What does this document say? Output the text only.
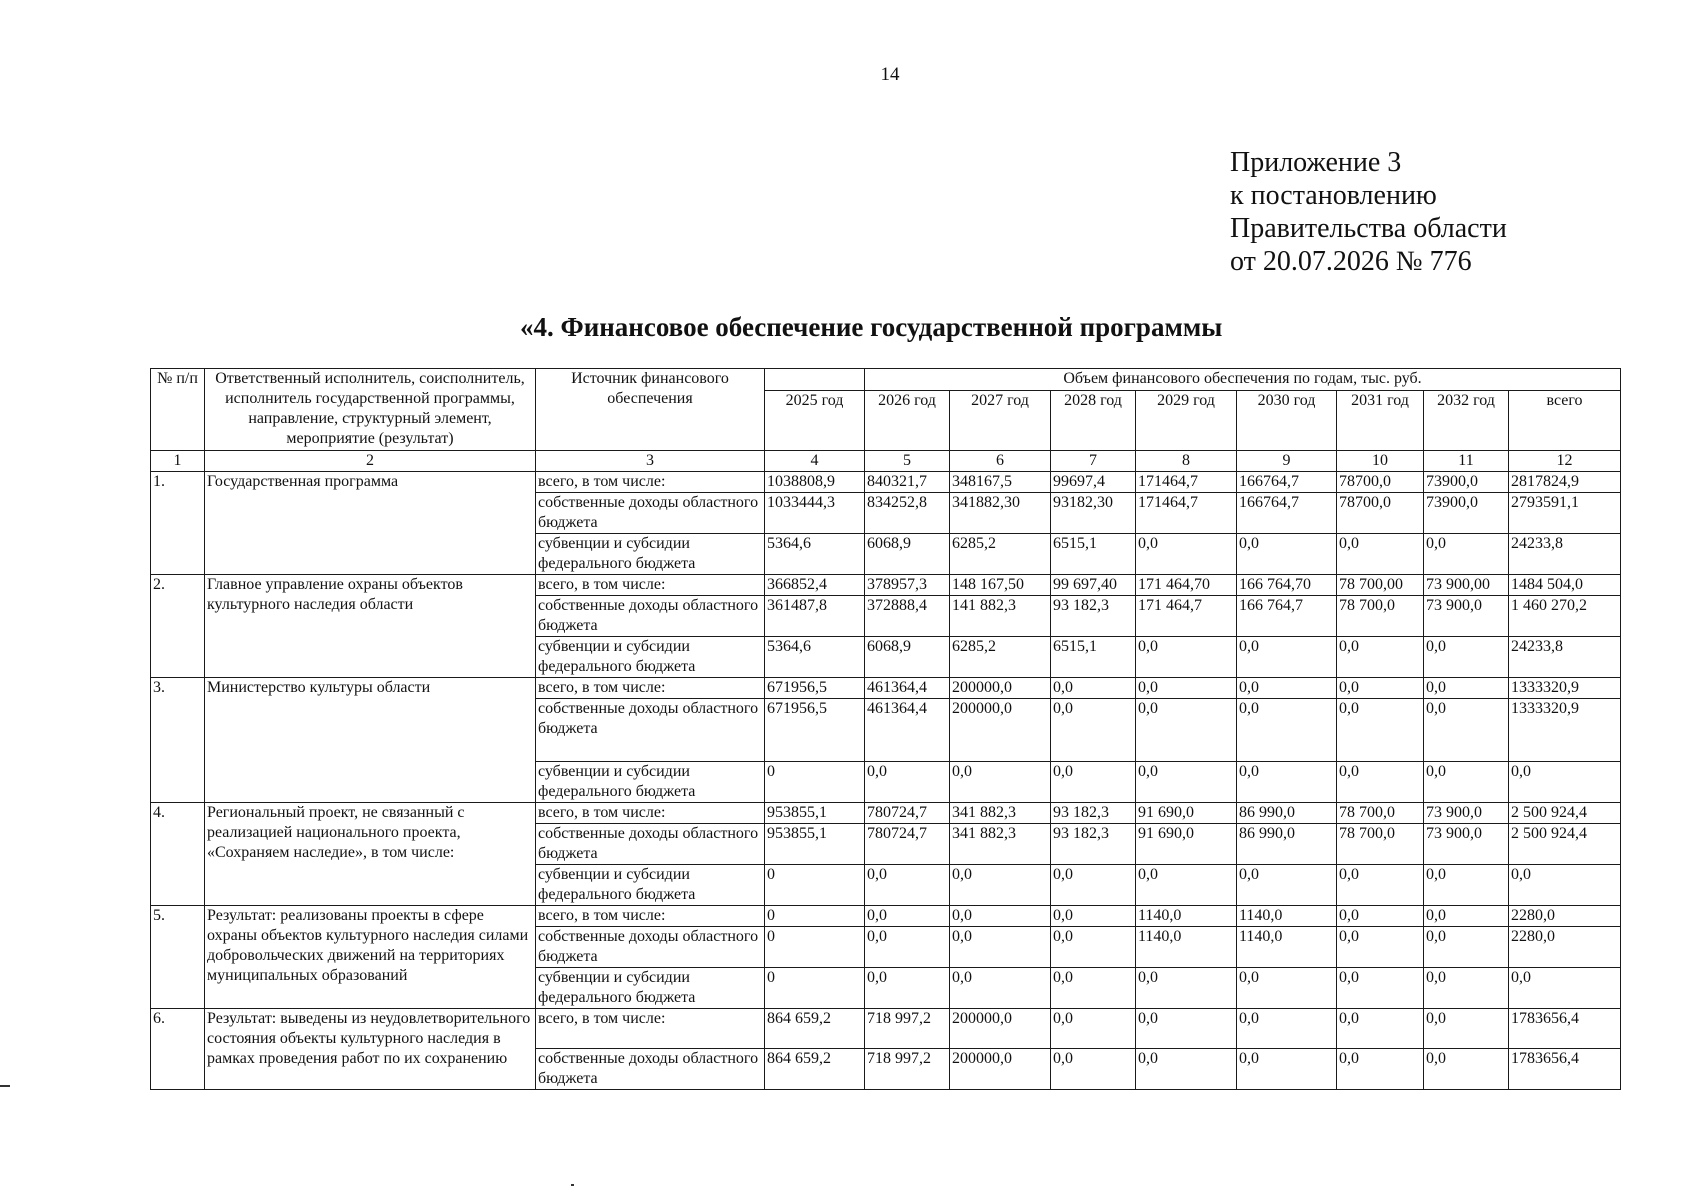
14
Приложение 3
к постановлению
Правительства области
от 20.07.2026 № 776
«4. Финансовое обеспечение государственной программы
№ п/п	Ответственный исполнитель, соисполнитель, исполнитель государственной программы, направление, структурный элемент, мероприятие (результат)	Источник финансового обеспечения		Объем финансового обеспечения по годам, тыс. руб.							
			2025 год	2026 год	2027 год	2028 год	2029 год	2030 год	2031 год	2032 год	всего
1	2	3	4	5	6	7	8	9	10	11	12
1.	Государственная программа	всего, в том числе:	1038808,9	840321,7	348167,5	99697,4	171464,7	166764,7	78700,0	73900,0	2817824,9
		собственные доходы областного бюджета	1033444,3	834252,8	341882,30	93182,30	171464,7	166764,7	78700,0	73900,0	2793591,1
		субвенции и субсидии федерального бюджета	5364,6	6068,9	6285,2	6515,1	0,0	0,0	0,0	0,0	24233,8
2.	Главное управление охраны объектов культурного наследия области	всего, в том числе:	366852,4	378957,3	148 167,50	99 697,40	171 464,70	166 764,70	78 700,00	73 900,00	1484 504,0
		собственные доходы областного бюджета	361487,8	372888,4	141 882,3	93 182,3	171 464,7	166 764,7	78 700,0	73 900,0	1 460 270,2
		субвенции и субсидии федерального бюджета	5364,6	6068,9	6285,2	6515,1	0,0	0,0	0,0	0,0	24233,8
3.	Министерство культуры области	всего, в том числе:	671956,5	461364,4	200000,0	0,0	0,0	0,0	0,0	0,0	1333320,9
		собственные доходы областного бюджета	671956,5	461364,4	200000,0	0,0	0,0	0,0	0,0	0,0	1333320,9
		субвенции и субсидии федерального бюджета	0	0,0	0,0	0,0	0,0	0,0	0,0	0,0	0,0
4.	Региональный проект, не связанный с реализацией национального проекта, «Сохраняем наследие», в том числе:	всего, в том числе:	953855,1	780724,7	341 882,3	93 182,3	91 690,0	86 990,0	78 700,0	73 900,0	2 500 924,4
		собственные доходы областного бюджета	953855,1	780724,7	341 882,3	93 182,3	91 690,0	86 990,0	78 700,0	73 900,0	2 500 924,4
		субвенции и субсидии федерального бюджета	0	0,0	0,0	0,0	0,0	0,0	0,0	0,0	0,0
5.	Результат: реализованы проекты в сфере охраны объектов культурного наследия силами добровольческих движений на территориях муниципальных образований	всего, в том числе:	0	0,0	0,0	0,0	1140,0	1140,0	0,0	0,0	2280,0
		собственные доходы областного бюджета	0	0,0	0,0	0,0	1140,0	1140,0	0,0	0,0	2280,0
		субвенции и субсидии федерального бюджета	0	0,0	0,0	0,0	0,0	0,0	0,0	0,0	0,0
6.	Результат: выведены из неудовлетворительного состояния объекты культурного наследия в рамках проведения работ по их сохранению	всего, в том числе:	864 659,2	718 997,2	200000,0	0,0	0,0	0,0	0,0	0,0	1783656,4
		собственные доходы областного бюджета	864 659,2	718 997,2	200000,0	0,0	0,0	0,0	0,0	0,0	1783656,4
